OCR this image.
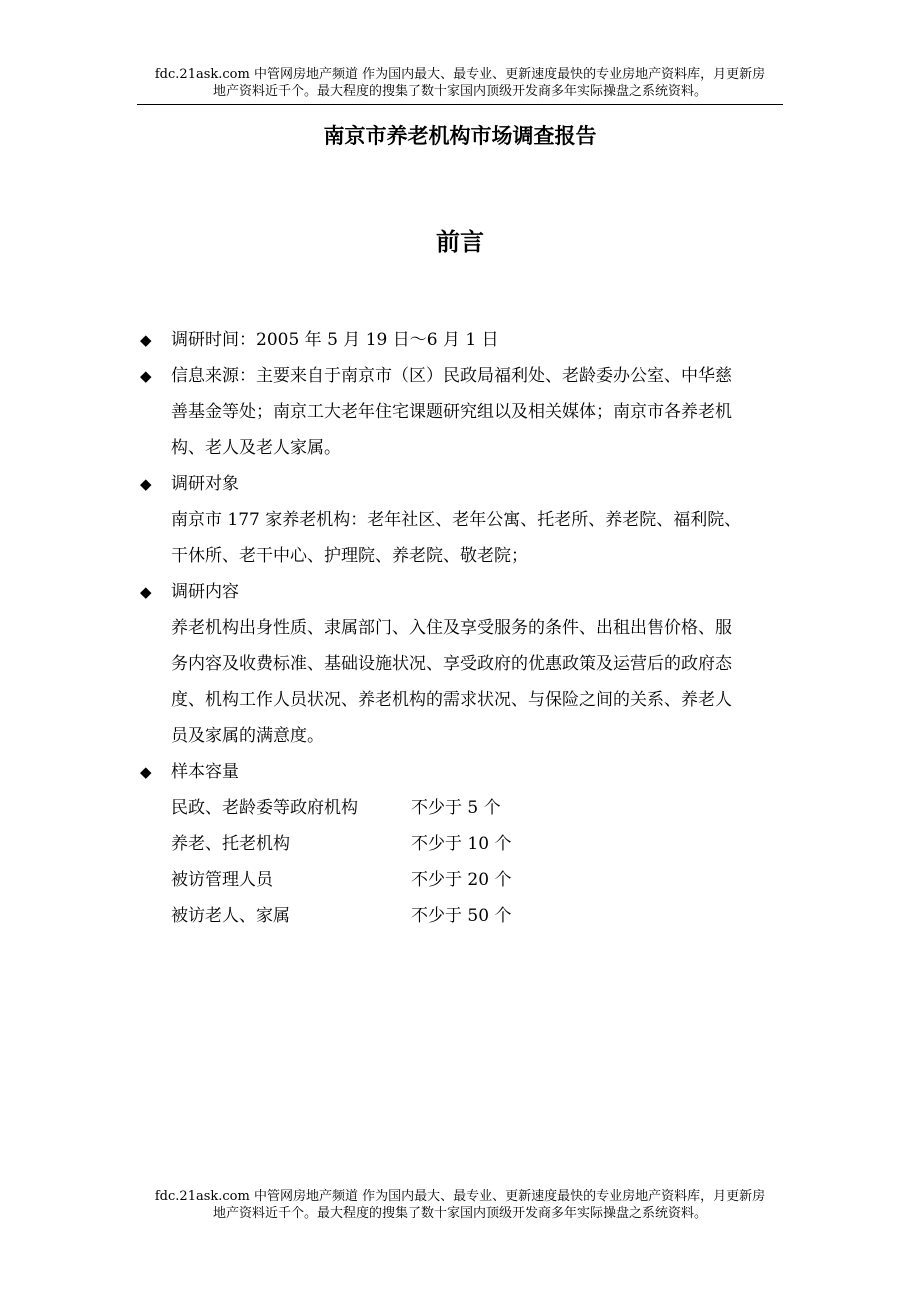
fdc.21ask.com 中管网房地产频道 作为国内最大、最专业、更新速度最快的专业房地产资料库，月更新房
地产资料近千个。最大程度的搜集了数十家国内顶级开发商多年实际操盘之系统资料。
南京市养老机构市场调查报告
前言
◆ 调研时间：2005 年 5 月 19 日～6 月 1 日
◆ 信息来源：主要来自于南京市（区）民政局福利处、老龄委办公室、中华慈
善基金等处；南京工大老年住宅课题研究组以及相关媒体；南京市各养老机
构、老人及老人家属。
◆ 调研对象
南京市 177 家养老机构：老年社区、老年公寓、托老所、养老院、福利院、
干休所、老干中心、护理院、养老院、敬老院；
◆ 调研内容
养老机构出身性质、隶属部门、入住及享受服务的条件、出租出售价格、服
务内容及收费标准、基础设施状况、享受政府的优惠政策及运营后的政府态
度、机构工作人员状况、养老机构的需求状况、与保险之间的关系、养老人
员及家属的满意度。
◆ 样本容量
民政、老龄委等政府机构	不少于 5 个
养老、托老机构	不少于 10 个
被访管理人员	不少于 20 个
被访老人、家属	不少于 50 个
fdc.21ask.com 中管网房地产频道 作为国内最大、最专业、更新速度最快的专业房地产资料库，月更新房
地产资料近千个。最大程度的搜集了数十家国内顶级开发商多年实际操盘之系统资料。
